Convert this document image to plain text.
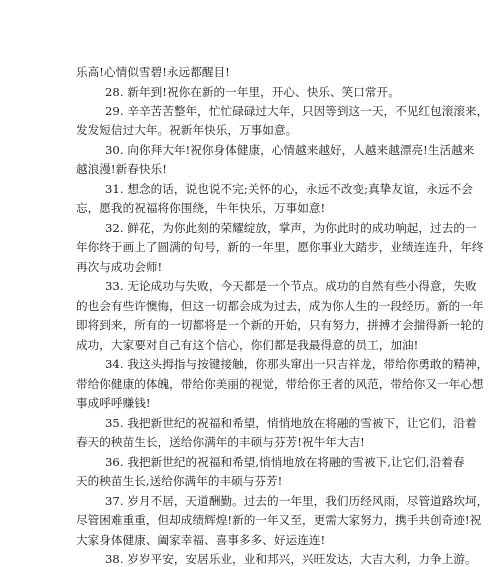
乐高!心情似雪碧!永远都醒目!
28. 新年到!祝你在新的一年里，开心、快乐、笑口常开。
29. 辛辛苦苦整年，忙忙碌碌过大年，只因等到这一天，不见红包滚滚来，
发发短信过大年。祝新年快乐，万事如意。
30. 向你拜大年!祝你身体健康，心情越来越好，人越来越漂亮!生活越来
越浪漫!新春快乐!
31. 想念的话，说也说不完;关怀的心，永远不改变;真挚友谊，永远不会
忘，愿我的祝福将你围绕，牛年快乐，万事如意!
32. 鲜花，为你此刻的荣耀绽放，掌声，为你此时的成功响起，过去的一
年你终于画上了圆满的句号，新的一年里，愿你事业大踏步，业绩连连升，年终
再次与成功会师!
33. 无论成功与失败，今天都是一个节点。成功的自然有些小得意，失败
的也会有些许懊悔，但这一切都会成为过去，成为你人生的一段经历。新的一年
即将到来，所有的一切都将是一个新的开始，只有努力，拼搏才会揣得新一轮的
成功，大家要对自己有这个信心，你们都是我最得意的员工，加油!
34. 我这头拇指与按键接触，你那头窜出一只吉祥龙，带给你勇敢的精神，
带给你健康的体魄，带给你美丽的视觉，带给你王者的风范，带给你又一年心想
事成呼呼赚钱!
35. 我把新世纪的祝福和希望，悄悄地放在将融的雪被下，让它们，沿着
春天的秧苗生长，送给你满年的丰硕与芬芳!祝牛年大吉!
36. 我把新世纪的祝福和希望,悄悄地放在将融的雪被下,让它们,沿着春
天的秧苗生长,送给你满年的丰硕与芬芳!
37. 岁月不居，天道酬勤。过去的一年里，我们历经风雨，尽管道路坎坷，
尽管困难重重，但却成绩辉煌!新的一年又至，更需大家努力，携手共创奇迹!祝
大家身体健康、阖家幸福、喜事多多、好运连连!
38. 岁岁平安，安居乐业，业和邦兴，兴旺发达，大吉大利，力争上游。
